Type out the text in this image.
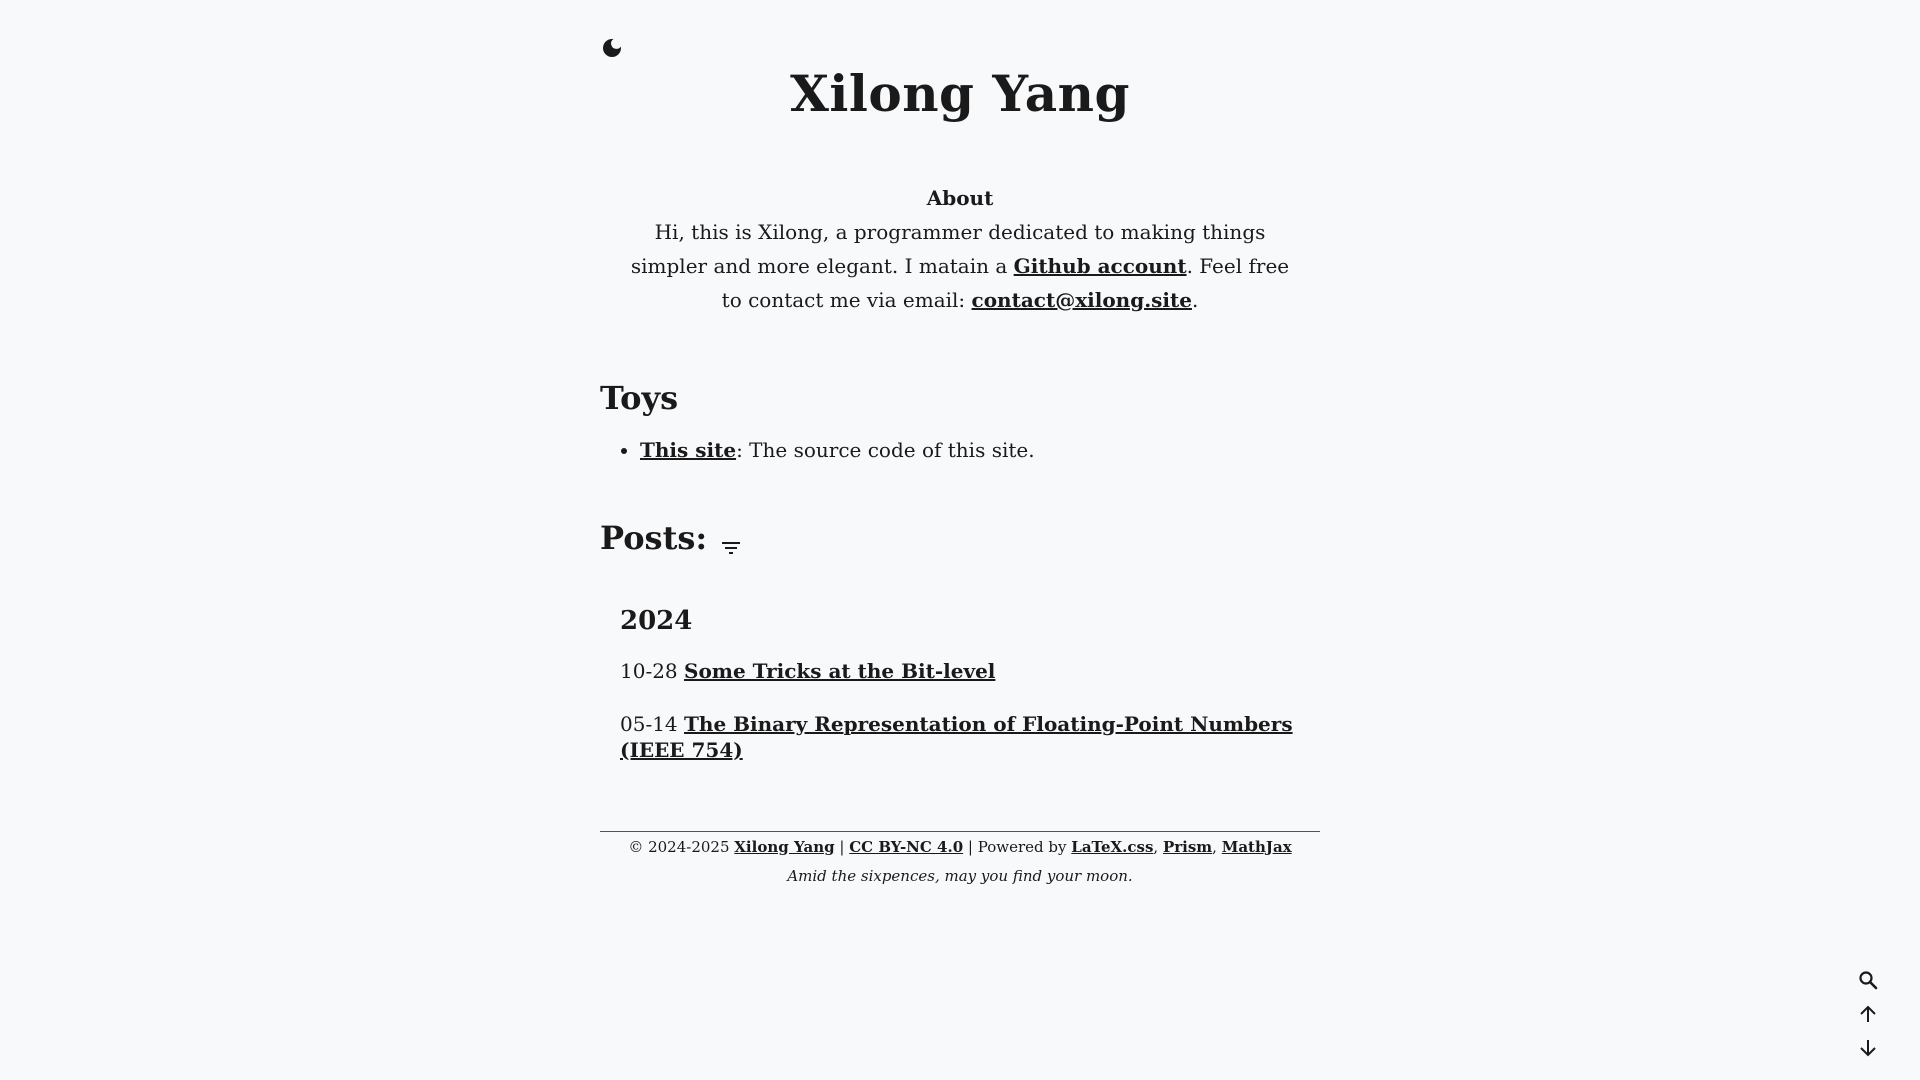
Xilong Yang
About
Hi, this is Xilong, a programmer dedicated to making things simpler and more elegant. I matain a Github account. Feel free to contact me via email: contact@xilong.site.
Toys
• This site: The source code of this site.
Posts:
2024
10-28 Some Tricks at the Bit-level
05-14 The Binary Representation of Floating-Point Numbers (IEEE 754)
© 2024-2025 Xilong Yang | CC BY-NC 4.0 | Powered by LaTeX.css, Prism, MathJax
Amid the sixpences, may you find your moon.
